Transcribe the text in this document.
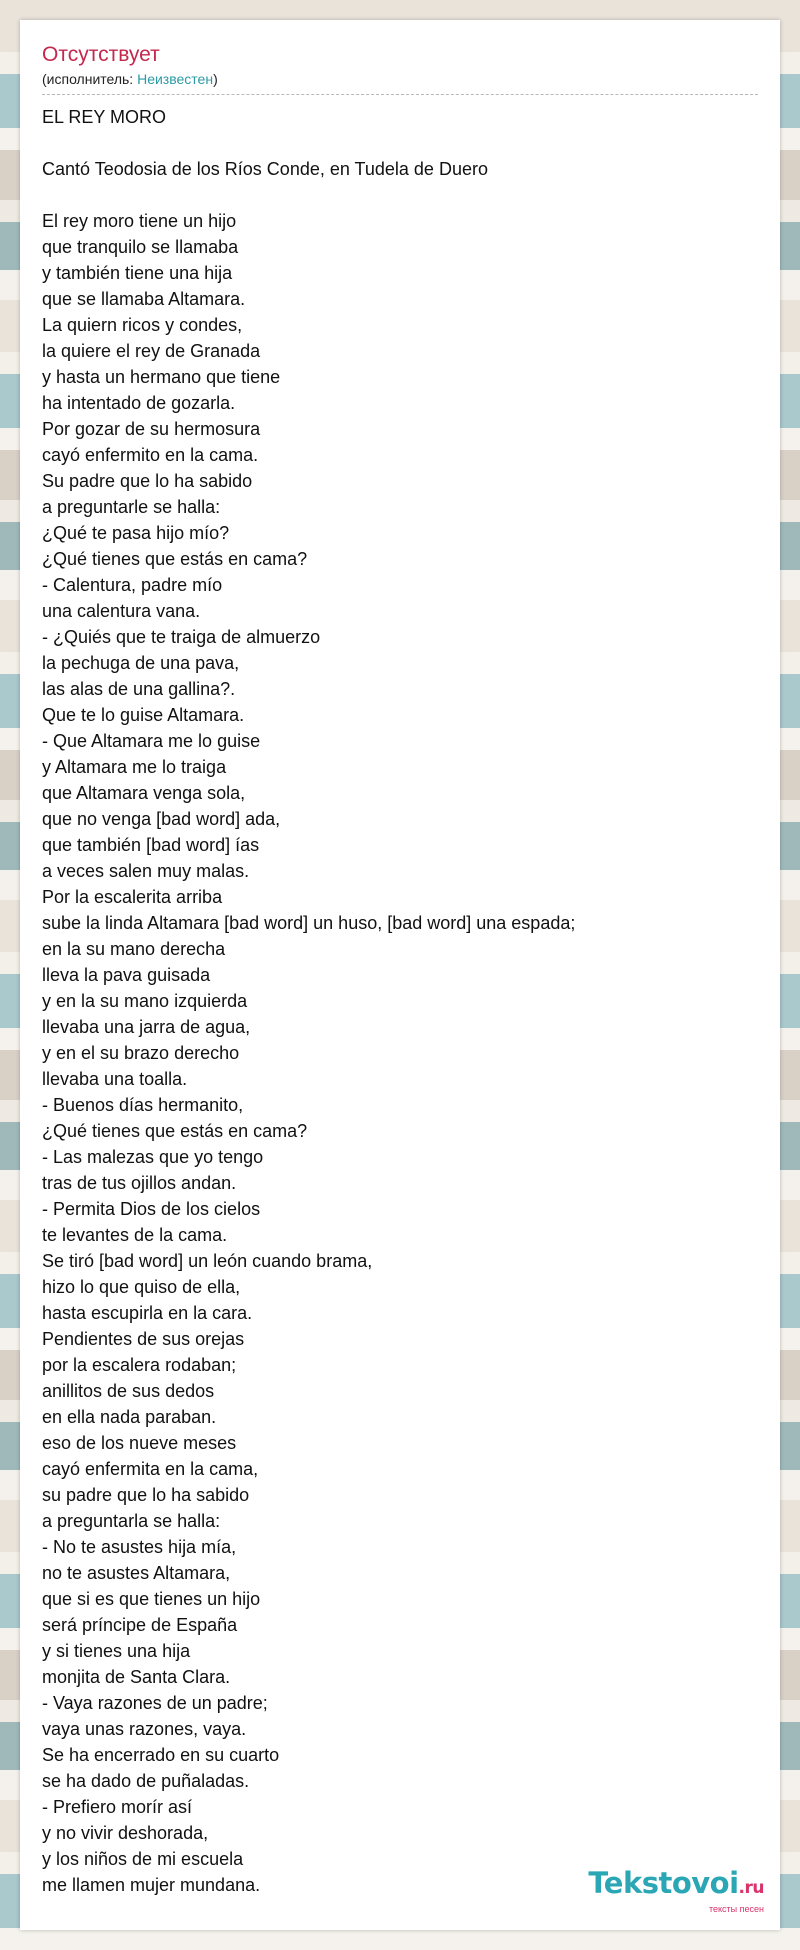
Отсутствует
(исполнитель: Неизвестен)
EL REY MORO
Cantó Teodosia de los Ríos Conde, en Tudela de Duero
El rey moro tiene un hijo
que tranquilo se llamaba
y también tiene una hija
que se llamaba Altamara.
La quiern ricos y condes,
la quiere el rey de Granada
y hasta un hermano que tiene
ha intentado de gozarla.
Por gozar de su hermosura
cayó enfermito en la cama.
Su padre que lo ha sabido
a preguntarle se halla:
¿Qué te pasa hijo mío?
¿Qué tienes que estás en cama?
- Calentura, padre mío
una calentura vana.
- ¿Quiés que te traiga de almuerzo
la pechuga de una pava,
las alas de una gallina?.
Que te lo guise Altamara.
- Que Altamara me lo guise
y Altamara me lo traiga
que Altamara venga sola,
que no venga [bad word] ada,
que también [bad word] ías
a veces salen muy malas.
Por la escalerita arriba
sube la linda Altamara [bad word] un huso, [bad word] una espada;
en la su mano derecha
lleva la pava guisada
y en la su mano izquierda
llevaba una jarra de agua,
y en el su brazo derecho
llevaba una toalla.
- Buenos días hermanito,
¿Qué tienes que estás en cama?
- Las malezas que yo tengo
tras de tus ojillos andan.
- Permita Dios de los cielos
te levantes de la cama.
Se tiró [bad word] un león cuando brama,
hizo lo que quiso de ella,
hasta escupirla en la cara.
Pendientes de sus orejas
por la escalera rodaban;
anillitos de sus dedos
en ella nada paraban.
eso de los nueve meses
cayó enfermita en la cama,
su padre que lo ha sabido
a preguntarla se halla:
- No te asustes hija mía,
no te asustes Altamara,
que si es que tienes un hijo
será príncipe de España
y si tienes una hija
monjita de Santa Clara.
- Vaya razones de un padre;
vaya unas razones, vaya.
Se ha encerrado en su cuarto
se ha dado de puñaladas.
- Prefiero morír así
y no vivir deshorada,
y los niños de mi escuela
me llamen mujer mundana.	Tekstovoi.ru
тексты песен
